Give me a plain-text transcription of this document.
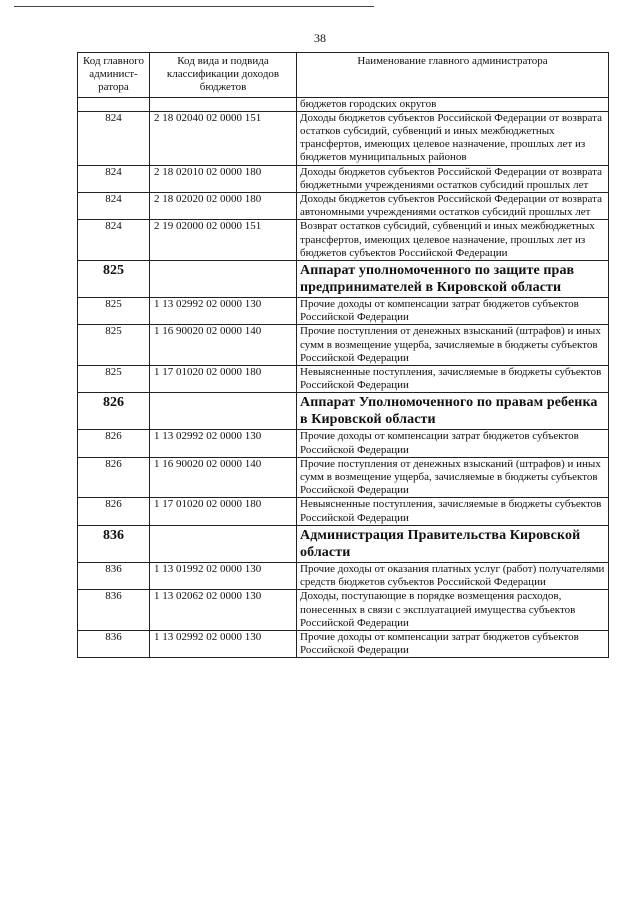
38
Код главного админист-ратора	Код вида и подвида классификации доходов бюджетов	Наименование главного администратора
		бюджетов городских округов
824	2 18 02040 02 0000 151	Доходы бюджетов субъектов Российской Федерации от возврата остатков субсидий, субвенций и иных межбюджетных трансфертов, имеющих целевое назначение, прошлых лет из бюджетов муниципальных районов
824	2 18 02010 02 0000 180	Доходы бюджетов субъектов Российской Федерации от возврата бюджетными учреждениями остатков субсидий прошлых лет
824	2 18 02020 02 0000 180	Доходы бюджетов субъектов Российской Федерации от возврата автономными учреждениями остатков субсидий прошлых лет
824	2 19 02000 02 0000 151	Возврат остатков субсидий, субвенций и иных межбюджетных трансфертов, имеющих целевое назначение, прошлых лет из бюджетов субъектов Российской Федерации
825		Аппарат уполномоченного по защите прав предпринимателей в Кировской области
825	1 13 02992 02 0000 130	Прочие доходы от компенсации затрат бюджетов субъектов Российской Федерации
825	1 16 90020 02 0000 140	Прочие поступления от денежных взысканий (штрафов) и иных сумм в возмещение ущерба, зачисляемые в бюджеты субъектов Российской Федерации
825	1 17 01020 02 0000 180	Невыясненные поступления, зачисляемые в бюджеты субъектов Российской Федерации
826		Аппарат Уполномоченного по правам ребенка в Кировской области
826	1 13 02992 02 0000 130	Прочие доходы от компенсации затрат бюджетов субъектов Российской Федерации
826	1 16 90020 02 0000 140	Прочие поступления от денежных взысканий (штрафов) и иных сумм в возмещение ущерба, зачисляемые в бюджеты субъектов Российской Федерации
826	1 17 01020 02 0000 180	Невыясненные поступления, зачисляемые в бюджеты субъектов Российской Федерации
836		Администрация Правительства Кировской области
836	1 13 01992 02 0000 130	Прочие доходы от оказания платных услуг (работ) получателями средств бюджетов субъектов Российской Федерации
836	1 13 02062 02 0000 130	Доходы, поступающие в порядке возмещения расходов, понесенных в связи с эксплуатацией имущества субъектов Российской Федерации
836	1 13 02992 02 0000 130	Прочие доходы от компенсации затрат бюджетов субъектов Российской Федерации
